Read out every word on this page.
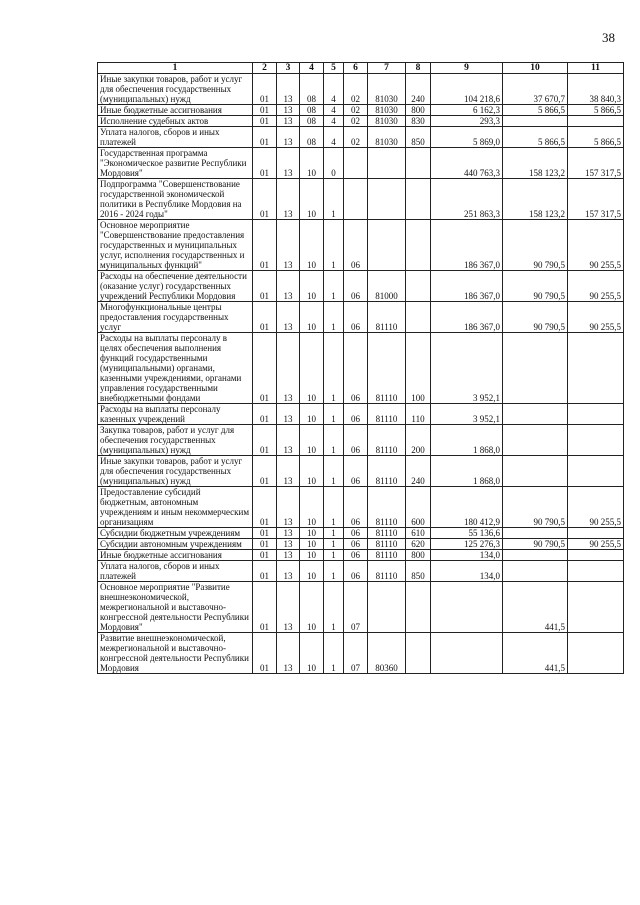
38
1	2	3	4	5	6	7	8	9	10	11

Иные закупки товаров, работ и услуг для обеспечения государственных (муниципальных) нужд	01	13	08	4	02	81030	240	104 218,6	37 670,7	38 840,3

Иные бюджетные ассигнования	01	13	08	4	02	81030	800	6 162,3	5 866,5	5 866,5

Исполнение судебных актов	01	13	08	4	02	81030	830	293,3		

Уплата налогов, сборов и иных платежей	01	13	08	4	02	81030	850	5 869,0	5 866,5	5 866,5

Государственная программа "Экономическое развитие Республики Мордовия"	01	13	10	0				440 763,3	158 123,2	157 317,5

Подпрограмма "Совершенствование государственной экономической политики в Республике Мордовия на 2016 - 2024 годы"	01	13	10	1				251 863,3	158 123,2	157 317,5

Основное мероприятие "Совершенствование предоставления государственных и муниципальных услуг, исполнения государственных и муниципальных функций"	01	13	10	1	06			186 367,0	90 790,5	90 255,5

Расходы на обеспечение деятельности (оказание услуг) государственных учреждений Республики Мордовия	01	13	10	1	06	81000		186 367,0	90 790,5	90 255,5

Многофункциональные центры предоставления государственных услуг	01	13	10	1	06	81110		186 367,0	90 790,5	90 255,5

Расходы на выплаты персоналу в целях обеспечения выполнения функций государственными (муниципальными) органами, казенными учреждениями, органами управления государственными внебюджетными фондами	01	13	10	1	06	81110	100	3 952,1		

Расходы на выплаты персоналу казенных учреждений	01	13	10	1	06	81110	110	3 952,1		

Закупка товаров, работ и услуг для обеспечения государственных (муниципальных) нужд	01	13	10	1	06	81110	200	1 868,0		

Иные закупки товаров, работ и услуг для обеспечения государственных (муниципальных) нужд	01	13	10	1	06	81110	240	1 868,0		

Предоставление субсидий бюджетным, автономным учреждениям и иным некоммерческим организациям	01	13	10	1	06	81110	600	180 412,9	90 790,5	90 255,5

Субсидии бюджетным учреждениям	01	13	10	1	06	81110	610	55 136,6		

Субсидии автономным учреждениям	01	13	10	1	06	81110	620	125 276,3	90 790,5	90 255,5

Иные бюджетные ассигнования	01	13	10	1	06	81110	800	134,0		

Уплата налогов, сборов и иных платежей	01	13	10	1	06	81110	850	134,0		

Основное мероприятие "Развитие внешнеэкономической, межрегиональной и выставочно-конгрессной деятельности Республики Мордовия"	01	13	10	1	07				441,5	

Развитие внешнеэкономической, межрегиональной и выставочно-конгрессной деятельности Республики Мордовия	01	13	10	1	07	80360			441,5	
